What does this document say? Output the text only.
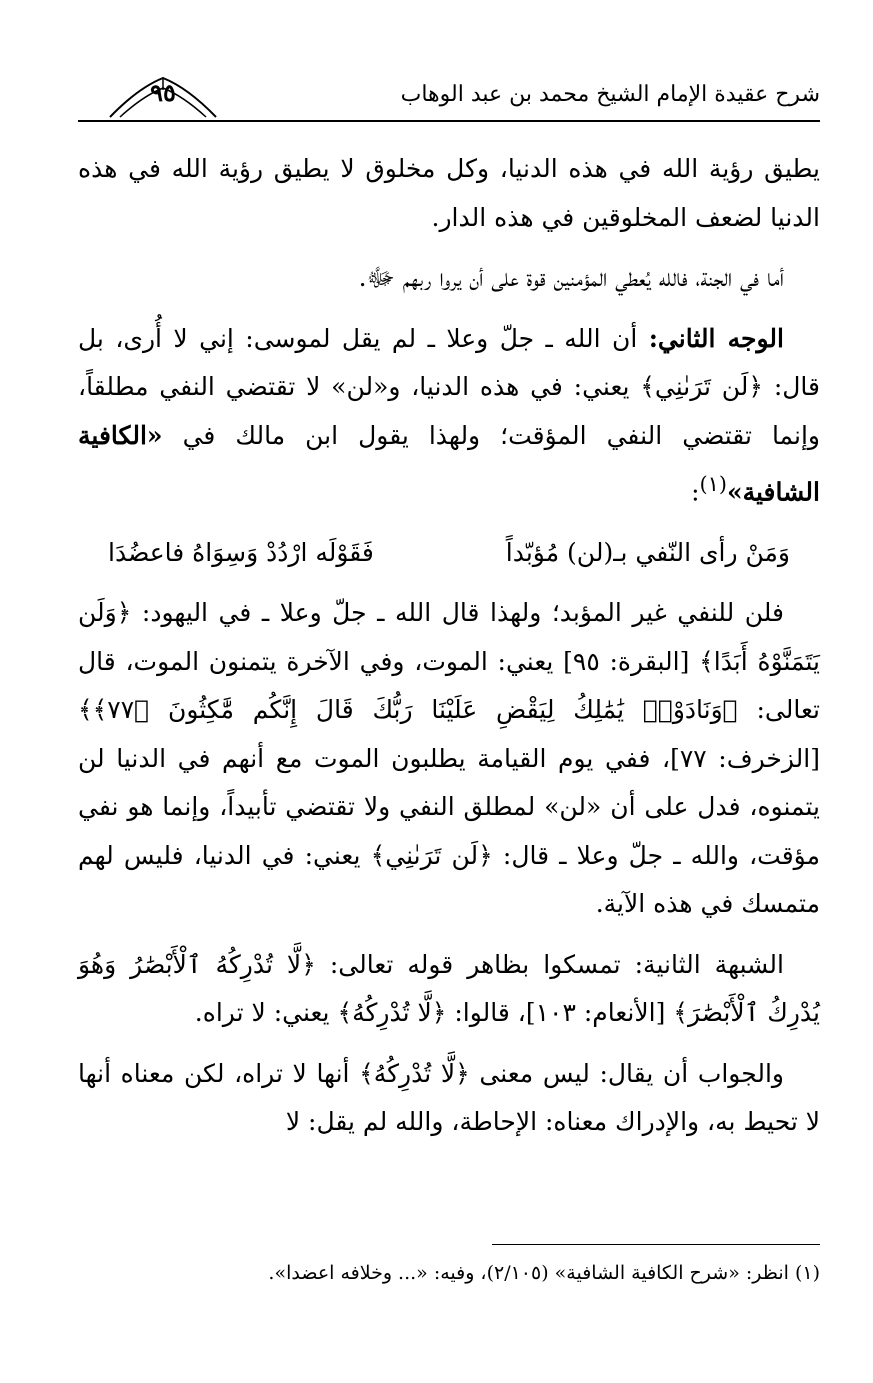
٩٥	شرح عقيدة الإمام الشيخ محمد بن عبد الوهاب

يطيق رؤية الله في هذه الدنيا، وكل مخلوق لا يطيق رؤية الله في هذه الدنيا لضعف المخلوقين في هذه الدار.

أما في الجنة، فالله يُعطي المؤمنين قوة على أن يروا ربهم ﷻ.

الوجه الثاني: أن الله ـ جلّ وعلا ـ لم يقل لموسى: إني لا أُرى، بل قال: ﴿لَن تَرَىٰنِي﴾ يعني: في هذه الدنيا، و«لن» لا تقتضي النفي مطلقاً، وإنما تقتضي النفي المؤقت؛ ولهذا يقول ابن مالك في «الكافية الشافية»$^{(١)}$:

وَمَنْ رأى النّفي بـ(لن) مُؤبّداً
فَقَوْلَه ارْدُدْ وَسِوَاهُ فاعضُدَا

فلن للنفي غير المؤبد؛ ولهذا قال الله ـ جلّ وعلا ـ في اليهود: ﴿وَلَن يَتَمَنَّوْهُ أَبَدًا﴾ [البقرة: ٩٥] يعني: الموت، وفي الآخرة يتمنون الموت، قال تعالى: ﴿وَنَادَوْا۟ يَٰمَٰلِكُ لِيَقْضِ عَلَيْنَا رَبُّكَ قَالَ إِنَّكُم مَّٰكِثُونَ ﴿٧٧﴾﴾ [الزخرف: ٧٧]، ففي يوم القيامة يطلبون الموت مع أنهم في الدنيا لن يتمنوه، فدل على أن «لن» لمطلق النفي ولا تقتضي تأبيداً، وإنما هو نفي مؤقت، والله ـ جلّ وعلا ـ قال: ﴿لَن تَرَىٰنِي﴾ يعني: في الدنيا، فليس لهم متمسك في هذه الآية.

الشبهة الثانية: تمسكوا بظاهر قوله تعالى: ﴿لَّا تُدْرِكُهُ ٱلْأَبْصَٰرُ وَهُوَ يُدْرِكُ ٱلْأَبْصَٰرَ﴾ [الأنعام: ١٠٣]، قالوا: ﴿لَّا تُدْرِكُهُ﴾ يعني: لا تراه.

والجواب أن يقال: ليس معنى ﴿لَّا تُدْرِكُهُ﴾ أنها لا تراه، لكن معناه أنها لا تحيط به، والإدراك معناه: الإحاطة، والله لم يقل: لا

(١) انظر: «شرح الكافية الشافية» (٢/١٠٥)، وفيه: «... وخلافه اعضدا».
